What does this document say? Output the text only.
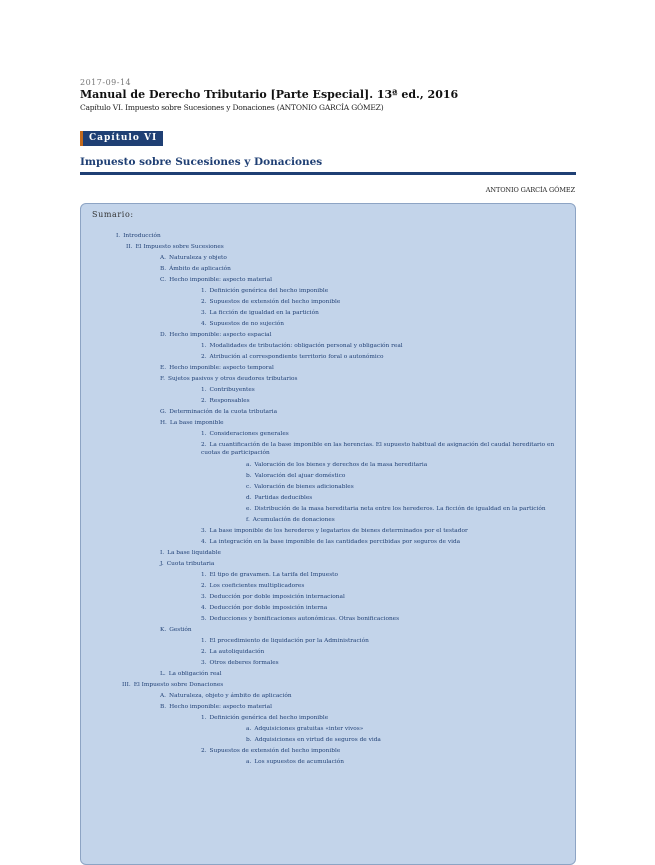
2017-09-14
Manual de Derecho Tributario [Parte Especial]. 13ª ed., 2016
Capítulo VI. Impuesto sobre Sucesiones y Donaciones (ANTONIO GARCÍA GÓMEZ)
Capítulo VI
Impuesto sobre Sucesiones y Donaciones
ANTONIO GARCÍA GÓMEZ
Sumario:
I. Introducción
II. El Impuesto sobre Sucesiones
A. Naturaleza y objeto
B. Ámbito de aplicación
C. Hecho imponible: aspecto material
1. Definición genérica del hecho imponible
2. Supuestos de extensión del hecho imponible
3. La ficción de igualdad en la partición
4. Supuestos de no sujeción
D. Hecho imponible: aspecto espacial
1. Modalidades de tributación: obligación personal y obligación real
2. Atribución al correspondiente territorio foral o autonómico
E. Hecho imponible: aspecto temporal
F. Sujetos pasivos y otros deudores tributarios
1. Contribuyentes
2. Responsables
G. Determinación de la cuota tributaria
H. La base imponible
1. Consideraciones generales
2. La cuantificación de la base imponible en las herencias. El supuesto habitual de asignación del caudal hereditario en cuotas de participación
a. Valoración de los bienes y derechos de la masa hereditaria
b. Valoración del ajuar doméstico
c. Valoración de bienes adicionables
d. Partidas deducibles
e. Distribución de la masa hereditaria neta entre los herederos. La ficción de igualdad en la partición
f. Acumulación de donaciones
3. La base imponible de los herederos y legatarios de bienes determinados por el testador
4. La integración en la base imponible de las cantidades percibidas por seguros de vida
I. La base liquidable
J. Cuota tributaria
1. El tipo de gravamen. La tarifa del Impuesto
2. Los coeficientes multiplicadores
3. Deducción por doble imposición internacional
4. Deducción por doble imposición interna
5. Deducciones y bonificaciones autonómicas. Otras bonificaciones
K. Gestión
1. El procedimiento de liquidación por la Administración
2. La autoliquidación
3. Otros deberes formales
L. La obligación real
III. El Impuesto sobre Donaciones
A. Naturaleza, objeto y ámbito de aplicación
B. Hecho imponible: aspecto material
1. Definición genérica del hecho imponible
a. Adquisiciones gratuitas «inter vivos»
b. Adquisiciones en virtud de seguros de vida
2. Supuestos de extensión del hecho imponible
a. Los supuestos de acumulación
